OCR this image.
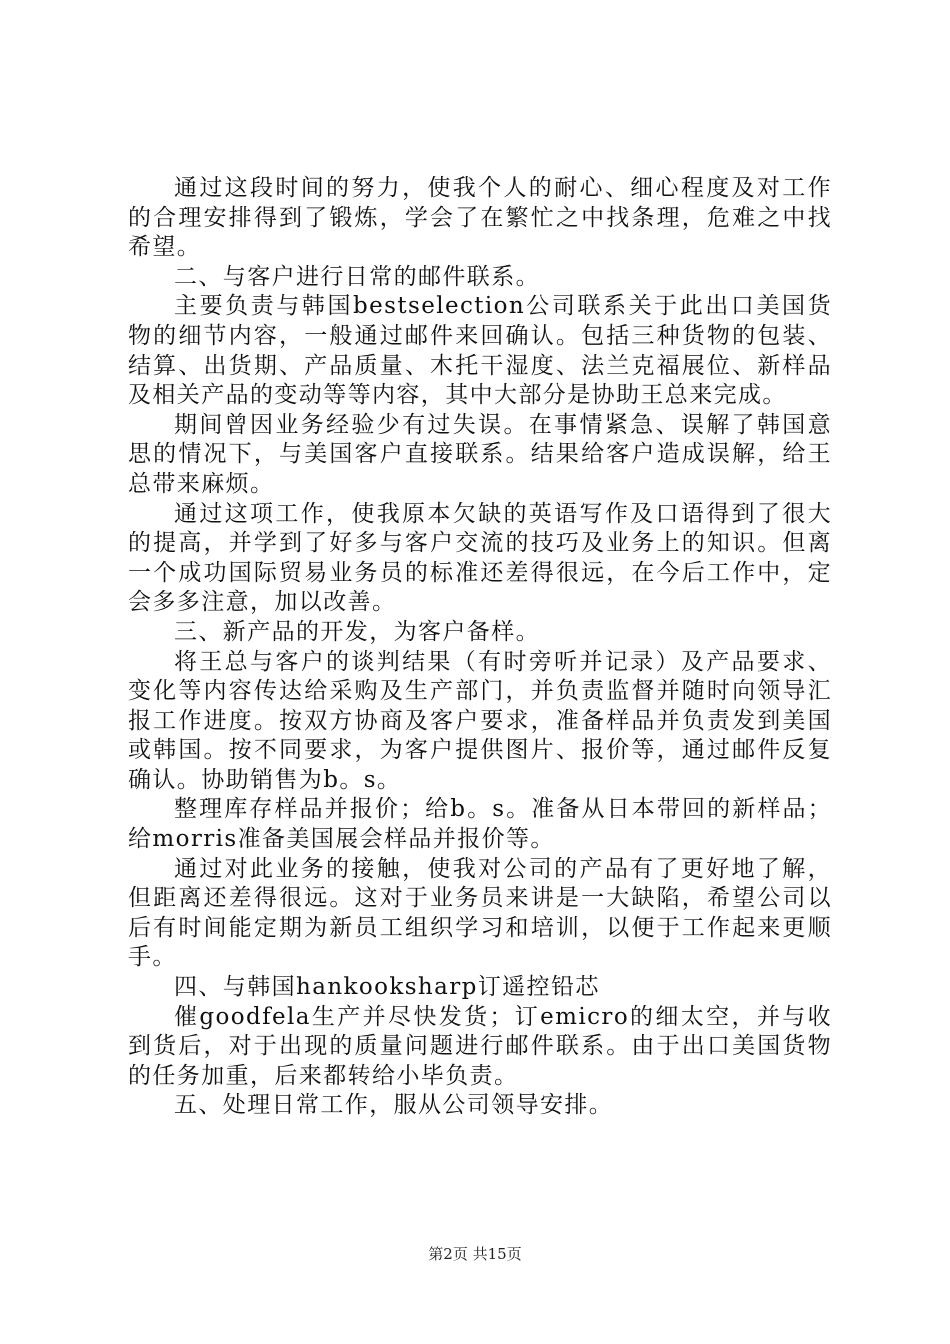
通过这段时间的努力，使我个人的耐心、细心程度及对工作的合理安排得到了锻炼，学会了在繁忙之中找条理，危难之中找希望。

二、与客户进行日常的邮件联系。

主要负责与韩国bestselection公司联系关于此出口美国货物的细节内容，一般通过邮件来回确认。包括三种货物的包装、结算、出货期、产品质量、木托干湿度、法兰克福展位、新样品及相关产品的变动等等内容，其中大部分是协助王总来完成。

期间曾因业务经验少有过失误。在事情紧急、误解了韩国意思的情况下，与美国客户直接联系。结果给客户造成误解，给王总带来麻烦。

通过这项工作，使我原本欠缺的英语写作及口语得到了很大的提高，并学到了好多与客户交流的技巧及业务上的知识。但离一个成功国际贸易业务员的标准还差得很远，在今后工作中，定会多多注意，加以改善。

三、新产品的开发，为客户备样。

将王总与客户的谈判结果（有时旁听并记录）及产品要求、变化等内容传达给采购及生产部门，并负责监督并随时向领导汇报工作进度。按双方协商及客户要求，准备样品并负责发到美国或韩国。按不同要求，为客户提供图片、报价等，通过邮件反复确认。协助销售为b。s。

整理库存样品并报价；给b。s。准备从日本带回的新样品；给morris准备美国展会样品并报价等。

通过对此业务的接触，使我对公司的产品有了更好地了解，但距离还差得很远。这对于业务员来讲是一大缺陷，希望公司以后有时间能定期为新员工组织学习和培训，以便于工作起来更顺手。

四、与韩国hankooksharp订遥控铅芯

催goodfela生产并尽快发货；订emicro的细太空，并与收到货后，对于出现的质量问题进行邮件联系。由于出口美国货物的任务加重，后来都转给小毕负责。

五、处理日常工作，服从公司领导安排。

第2页 共15页
